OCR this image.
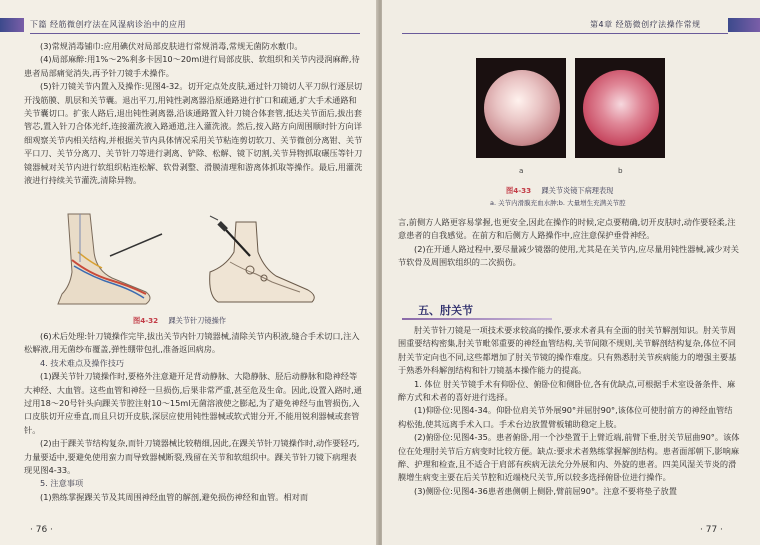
下篇 经筋微创疗法在风湿病诊治中的应用

(3)常规消毒铺巾:应用碘伏对局部皮肤进行常规消毒,常规无菌防水敷巾。

(4)局部麻醉:用1%～2%利多卡因10～20ml进行局部皮肤、软组织和关节内浸润麻醉,待患者局部痛觉消失,再予针刀镜手术操作。

(5)针刀镜关节内置入及操作:见图4-32。切开定点处皮肤,通过针刀镜切人平刀纵行逐层切开浅筋膜、肌层和关节囊。退出平刀,用钝性剥离器沿原通路进行扩口和疏通,扩大手术通路和关节囊切口。扩张人路后,退出钝性剥离器,沿该通路置入针刀镜合体套管,抵达关节面后,拔出套管芯,置入针刀合体光纤,连接灌洗液入路通道,注入灌洗液。然后,按入路方向周围顺时针方向详细观察关节内相关结构,并根据关节内具体情况采用关节粘连剪切软刀、关节微创分离钳、关节平口刀、关节分离刀、关节针刀等进行剥离、铲除、松解、镜下切割,关节异物抓取碾压等针刀镜器械对关节内进行软组织粘连松解、软骨剥整、滑膜清理和游离体抓取等操作。最后,用灌洗液进行持续关节灌洗,清除异物。

图4-32 踝关节针刀镜操作

(6)术后处理:针刀镜操作完毕,拔出关节内针刀镜器械,清除关节内积液,缝合手术切口,注入松解液,用无菌纱布覆盖,弹性绷带包扎,准备返回病房。

4. 技术难点及操作技巧

(1)踝关节针刀镜操作时,要格外注意避开足背动静脉、大隐静脉、胫后动静脉和隐神经等大神经、大血管。这些血管和神经一旦损伤,后果非常严重,甚至危及生命。因此,设置入路时,通过用18～20号针头向踝关节腔注射10～15ml无菌溶液使之膨起,为了避免神经与血管损伤,入口皮肤切开应垂直,而且只切开皮肤,深层应使用钝性器械或软式钳分开,不能用锐利器械或套管针。

(2)由于踝关节结构复杂,而针刀镜器械比较精细,因此,在踝关节针刀镜操作时,动作要轻巧,力量要适中,要避免使用蛮力而导致器械断裂,残留在关节和软组织中。踝关节针刀镜下病理表现见图4-33。

5. 注意事项

(1)熟练掌握踝关节及其周围神经血管的解剖,避免损伤神经和血管。相对而

· 76 ·
第4章 经筋微创疗法操作常规
a	b
图4-33 踝关节炎镜下病理表现
a. 关节内滑膜充血水肿;b. 大量增生充满关节腔

言,前侧方人路更容易掌握,也更安全,因此在操作的时候,定点要精确,切开皮肤时,动作要轻柔,注意患者的自我感觉。在前方和后侧方人路操作中,应注意保护垂骨神经。

(2)在开通人路过程中,要尽量减少镜器的使用,尤其是在关节内,应尽量用钝性器械,减少对关节软骨及周围软组织的二次损伤。

五、肘关节

肘关节针刀镜是一项技术要求较高的操作,要求术者具有全面的肘关节解剖知识。肘关节周围重要结构密集,肘关节毗邻重要的神经血管结构,关节间隙不规则,关节解剖结构复杂,体位不同肘关节定向也不同,这些都增加了肘关节镜的操作难度。只有熟悉肘关节疾病能力的增强主要基于熟悉外科解剖结构和针刀镜基本操作能力的提高。

1. 体位 肘关节镜手术有仰卧位、俯卧位和侧卧位,各有优缺点,可根据手术室设备条件、麻醉方式和术者的喜好进行选择。

(1)仰卧位:见图4-34。仰卧位肩关节外展90°并屈肘90°,该体位可使肘前方的神经血管结构松弛,使其远离手术入口。手术台边放置臂板辅助稳定上肢。

(2)俯卧位:见图4-35。患者俯卧,用一个沙垫置于上臂近端,前臂下垂,肘关节屈曲90°。该体位在处理肘关节后方病变时比较方便。缺点:要求术者熟练掌握解剖结构。患者面部朝下,影响麻醉、护理和检查,且不适合于肩部有疾病无法允分外展和内、外旋的患者。四美风湿关节炎的滑膜增生病变主要在后关节腔和近端桡尺关节,所以较多选择俯卧位进行操作。

(3)侧卧位:见图4-36患者患侧朝上侧卧,臂前屈90°。注意不要将垫子放置

· 77 ·
